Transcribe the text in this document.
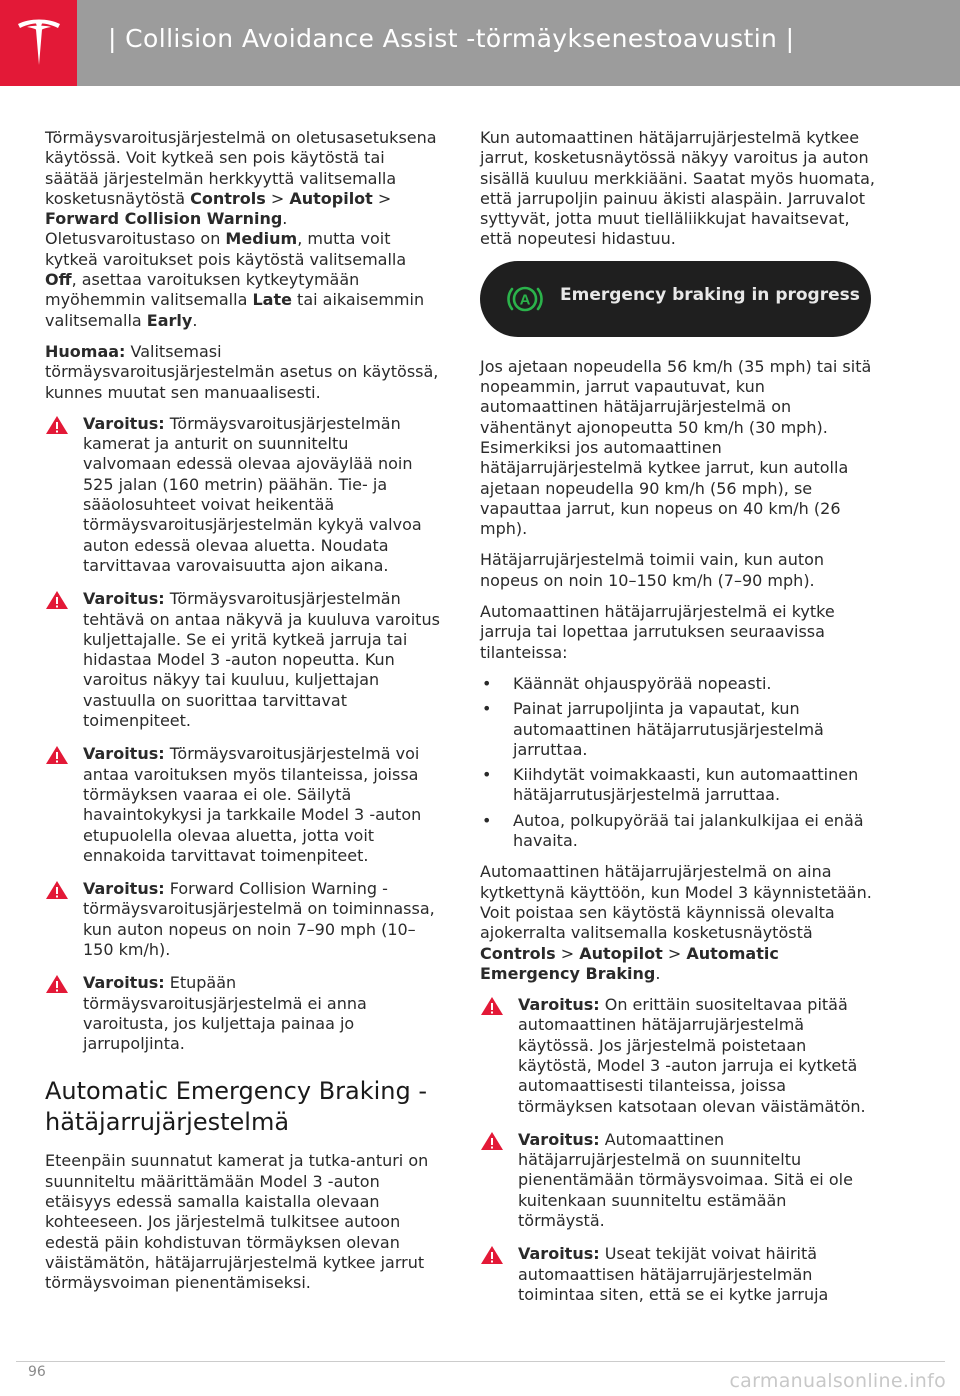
| Collision Avoidance Assist -törmäyksenestoavustin |

Törmäysvaroitusjärjestelmä on oletusasetuksena käytössä. Voit kytkeä sen pois käytöstä tai säätää järjestelmän herkkyyttä valitsemalla kosketusnäytöstä Controls > Autopilot > Forward Collision Warning. Oletusvaroitustaso on Medium, mutta voit kytkeä varoitukset pois käytöstä valitsemalla Off, asettaa varoituksen kytkeytymään myöhemmin valitsemalla Late tai aikaisemmin valitsemalla Early.

Huomaa: Valitsemasi törmäysvaroitusjärjestelmän asetus on käytössä, kunnes muutat sen manuaalisesti.

Varoitus: Törmäysvaroitusjärjestelmän kamerat ja anturit on suunniteltu valvomaan edessä olevaa ajoväylää noin 525 jalan (160 metrin) päähän. Tie- ja sääolosuhteet voivat heikentää törmäysvaroitusjärjestelmän kykyä valvoa auton edessä olevaa aluetta. Noudata tarvittavaa varovaisuutta ajon aikana.
Varoitus: Törmäysvaroitusjärjestelmän tehtävä on antaa näkyvä ja kuuluva varoitus kuljettajalle. Se ei yritä kytkeä jarruja tai hidastaa Model 3 -auton nopeutta. Kun varoitus näkyy tai kuuluu, kuljettajan vastuulla on suorittaa tarvittavat toimenpiteet.
Varoitus: Törmäysvaroitusjärjestelmä voi antaa varoituksen myös tilanteissa, joissa törmäyksen vaaraa ei ole. Säilytä havaintokykysi ja tarkkaile Model 3 -auton etupuolella olevaa aluetta, jotta voit ennakoida tarvittavat toimenpiteet.
Varoitus: Forward Collision Warning -törmäysvaroitusjärjestelmä on toiminnassa, kun auton nopeus on noin 7–90 mph (10–150 km/h).
Varoitus: Etupään törmäysvaroitusjärjestelmä ei anna varoitusta, jos kuljettaja painaa jo jarrupoljinta.
Automatic Emergency Braking -hätäjarrujärjestelmä

Eteenpäin suunnatut kamerat ja tutka-anturi on suunniteltu määrittämään Model 3 -auton etäisyys edessä samalla kaistalla olevaan kohteeseen. Jos järjestelmä tulkitsee autoon edestä päin kohdistuvan törmäyksen olevan väistämätön, hätäjarrujärjestelmä kytkee jarrut törmäysvoiman pienentämiseksi.

Kun automaattinen hätäjarrujärjestelmä kytkee jarrut, kosketusnäytössä näkyy varoitus ja auton sisällä kuuluu merkkiääni. Saatat myös huomata, että jarrupoljin painuu äkisti alaspäin. Jarruvalot syttyvät, jotta muut tielläliikkujat havaitsevat, että nopeutesi hidastuu.

A Emergency braking in progress

Jos ajetaan nopeudella 56 km/h (35 mph) tai sitä nopeammin, jarrut vapautuvat, kun automaattinen hätäjarrujärjestelmä on vähentänyt ajonopeutta 50 km/h (30 mph). Esimerkiksi jos automaattinen hätäjarrujärjestelmä kytkee jarrut, kun autolla ajetaan nopeudella 90 km/h (56 mph), se vapauttaa jarrut, kun nopeus on 40 km/h (26 mph).

Hätäjarrujärjestelmä toimii vain, kun auton nopeus on noin 10–150 km/h (7–90 mph).

Automaattinen hätäjarrujärjestelmä ei kytke jarruja tai lopettaa jarrutuksen seuraavissa tilanteissa:

• Käännät ohjauspyörää nopeasti.
• Painat jarrupoljinta ja vapautat, kun automaattinen hätäjarrutusjärjestelmä jarruttaa.
• Kiihdytät voimakkaasti, kun automaattinen hätäjarrutusjärjestelmä jarruttaa.
• Autoa, polkupyörää tai jalankulkijaa ei enää havaita.

Automaattinen hätäjarrujärjestelmä on aina kytkettynä käyttöön, kun Model 3 käynnistetään. Voit poistaa sen käytöstä käynnissä olevalta ajokerralta valitsemalla kosketusnäytöstä Controls > Autopilot > Automatic Emergency Braking.

Varoitus: On erittäin suositeltavaa pitää automaattinen hätäjarrujärjestelmä käytössä. Jos järjestelmä poistetaan käytöstä, Model 3 -auton jarruja ei kytketä automaattisesti tilanteissa, joissa törmäyksen katsotaan olevan väistämätön.
Varoitus: Automaattinen hätäjarrujärjestelmä on suunniteltu pienentämään törmäysvoimaa. Sitä ei ole kuitenkaan suunniteltu estämään törmäystä.
Varoitus: Useat tekijät voivat häiritä automaattisen hätäjarrujärjestelmän toimintaa siten, että se ei kytke jarruja
96	carmanualsonline.info
